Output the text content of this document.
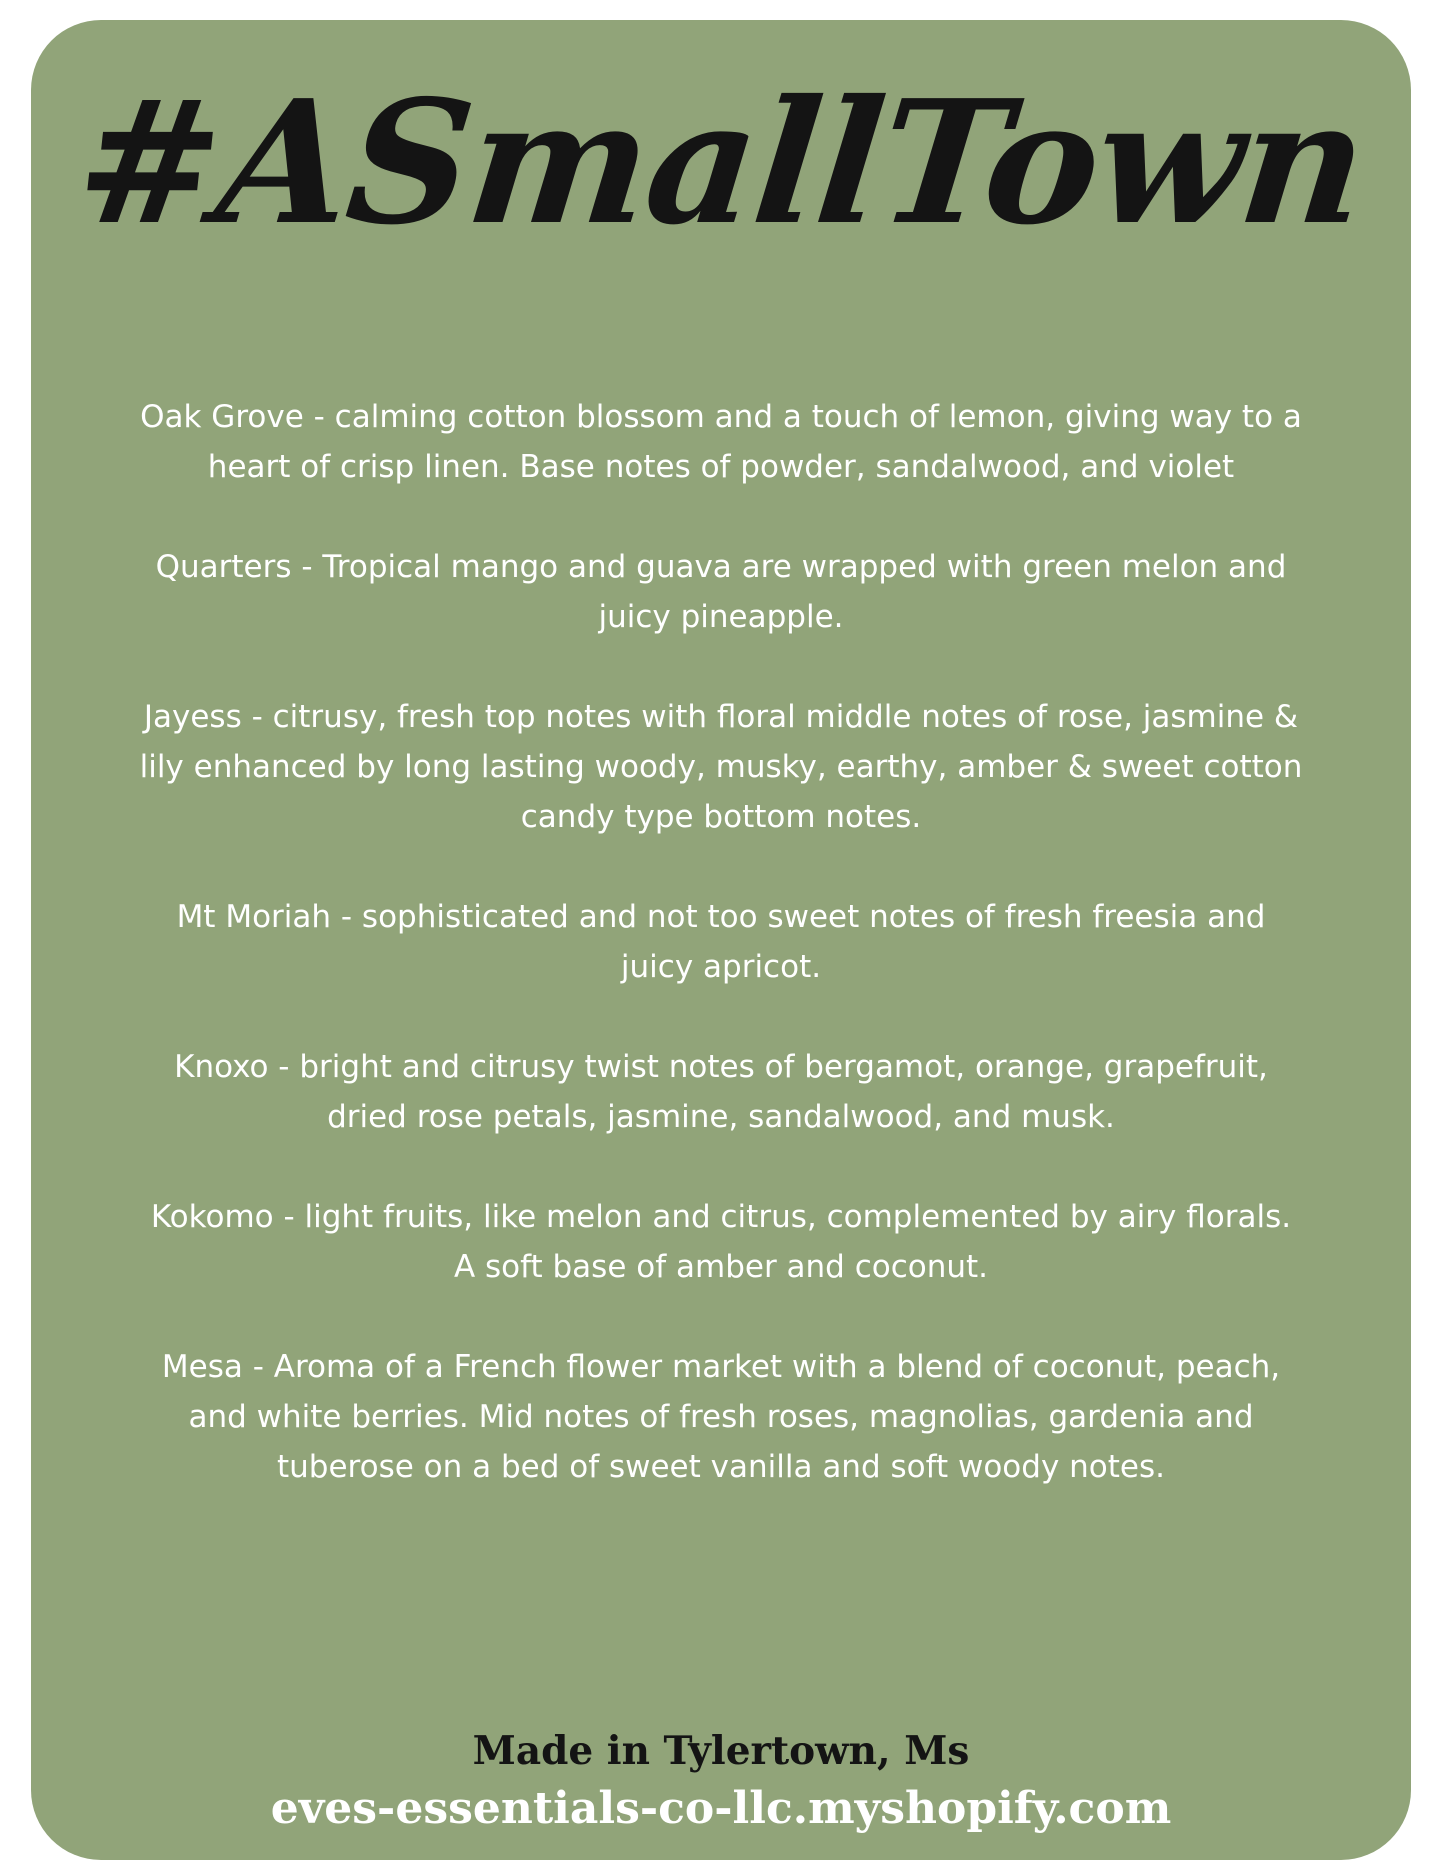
#ASmallTown
Oak Grove - calming cotton blossom and a touch of lemon, giving way to a heart of crisp linen. Base notes of powder, sandalwood, and violet
Quarters - Tropical mango and guava are wrapped with green melon and juicy pineapple.
Jayess - citrusy, fresh top notes with floral middle notes of rose, jasmine & lily enhanced by long lasting woody, musky, earthy, amber & sweet cotton candy type bottom notes.
Mt Moriah - sophisticated and not too sweet notes of fresh freesia and juicy apricot.
Knoxo - bright and citrusy twist notes of bergamot, orange, grapefruit, dried rose petals, jasmine, sandalwood, and musk.
Kokomo - light fruits, like melon and citrus, complemented by airy florals. A soft base of amber and coconut.
Mesa - Aroma of a French flower market with a blend of coconut, peach, and white berries. Mid notes of fresh roses, magnolias, gardenia and tuberose on a bed of sweet vanilla and soft woody notes.
Made in Tylertown, Ms
eves-essentials-co-llc.myshopify.com
